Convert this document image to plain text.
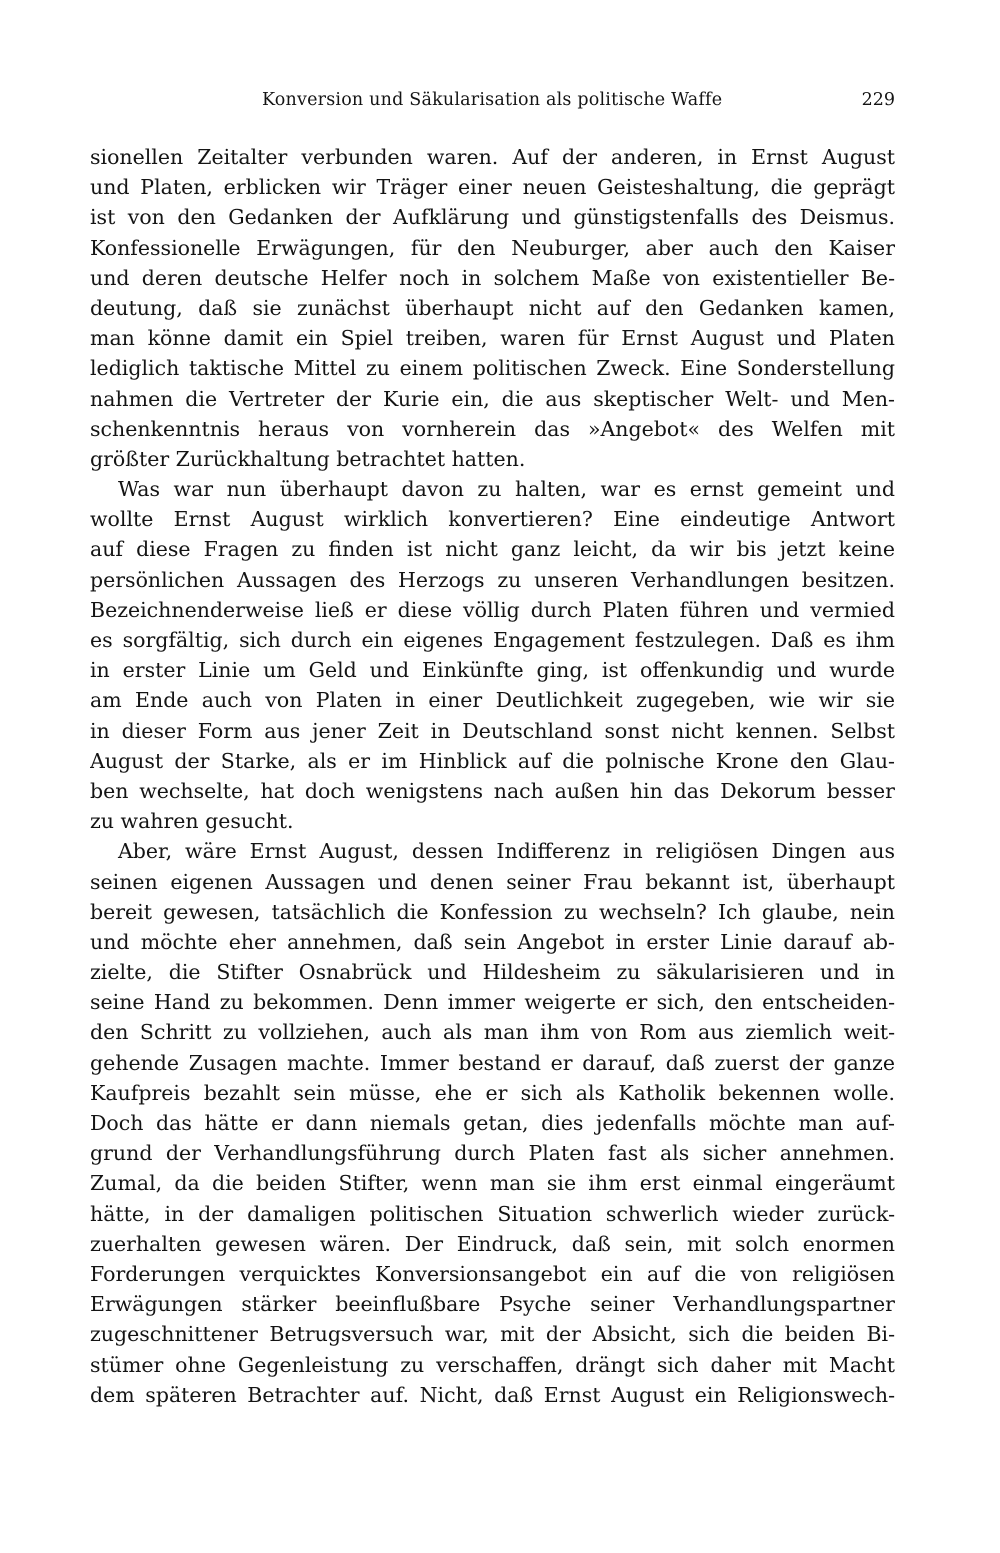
Konversion und Säkularisation als politische Waffe	229
sionellen Zeitalter verbunden waren. Auf der anderen, in Ernst August
und Platen, erblicken wir Träger einer neuen Geisteshaltung, die geprägt
ist von den Gedanken der Aufklärung und günstigstenfalls des Deismus.
Konfessionelle Erwägungen, für den Neuburger, aber auch den Kaiser
und deren deutsche Helfer noch in solchem Maße von existentieller Be-
deutung, daß sie zunächst überhaupt nicht auf den Gedanken kamen,
man könne damit ein Spiel treiben, waren für Ernst August und Platen
lediglich taktische Mittel zu einem politischen Zweck. Eine Sonderstellung
nahmen die Vertreter der Kurie ein, die aus skeptischer Welt- und Men-
schenkenntnis heraus von vornherein das »Angebot« des Welfen mit
größter Zurückhaltung betrachtet hatten.
Was war nun überhaupt davon zu halten, war es ernst gemeint und
wollte Ernst August wirklich konvertieren? Eine eindeutige Antwort
auf diese Fragen zu finden ist nicht ganz leicht, da wir bis jetzt keine
persönlichen Aussagen des Herzogs zu unseren Verhandlungen besitzen.
Bezeichnenderweise ließ er diese völlig durch Platen führen und vermied
es sorgfältig, sich durch ein eigenes Engagement festzulegen. Daß es ihm
in erster Linie um Geld und Einkünfte ging, ist offenkundig und wurde
am Ende auch von Platen in einer Deutlichkeit zugegeben, wie wir sie
in dieser Form aus jener Zeit in Deutschland sonst nicht kennen. Selbst
August der Starke, als er im Hinblick auf die polnische Krone den Glau-
ben wechselte, hat doch wenigstens nach außen hin das Dekorum besser
zu wahren gesucht.
Aber, wäre Ernst August, dessen Indifferenz in religiösen Dingen aus
seinen eigenen Aussagen und denen seiner Frau bekannt ist, überhaupt
bereit gewesen, tatsächlich die Konfession zu wechseln? Ich glaube, nein
und möchte eher annehmen, daß sein Angebot in erster Linie darauf ab-
zielte, die Stifter Osnabrück und Hildesheim zu säkularisieren und in
seine Hand zu bekommen. Denn immer weigerte er sich, den entscheiden-
den Schritt zu vollziehen, auch als man ihm von Rom aus ziemlich weit-
gehende Zusagen machte. Immer bestand er darauf, daß zuerst der ganze
Kaufpreis bezahlt sein müsse, ehe er sich als Katholik bekennen wolle.
Doch das hätte er dann niemals getan, dies jedenfalls möchte man auf-
grund der Verhandlungsführung durch Platen fast als sicher annehmen.
Zumal, da die beiden Stifter, wenn man sie ihm erst einmal eingeräumt
hätte, in der damaligen politischen Situation schwerlich wieder zurück-
zuerhalten gewesen wären. Der Eindruck, daß sein, mit solch enormen
Forderungen verquicktes Konversionsangebot ein auf die von religiösen
Erwägungen stärker beeinflußbare Psyche seiner Verhandlungspartner
zugeschnittener Betrugsversuch war, mit der Absicht, sich die beiden Bi-
stümer ohne Gegenleistung zu verschaffen, drängt sich daher mit Macht
dem späteren Betrachter auf. Nicht, daß Ernst August ein Religionswech-
